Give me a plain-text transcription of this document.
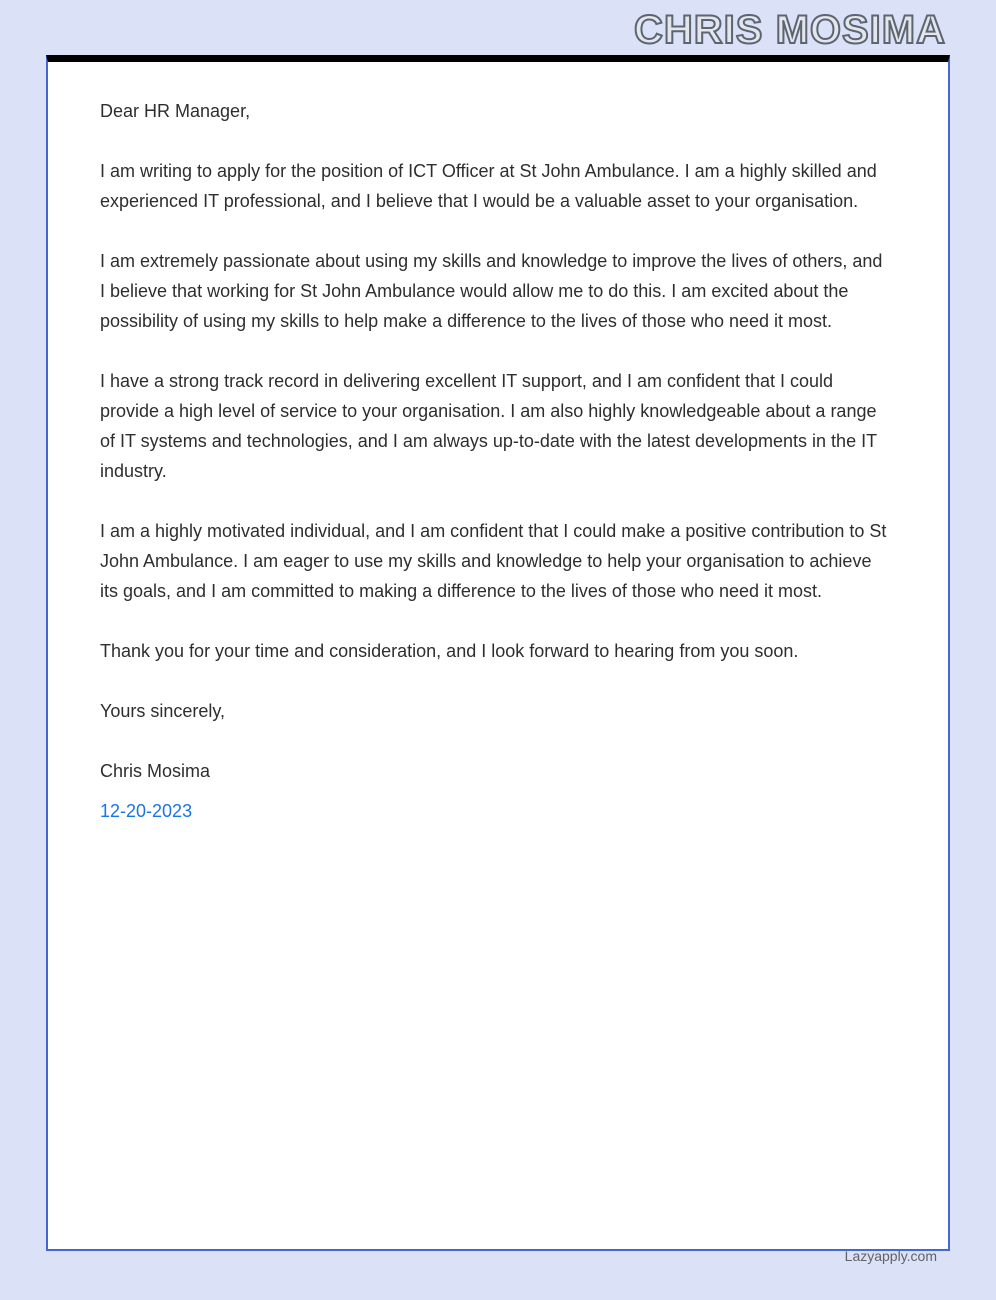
CHRIS MOSIMA

Dear HR Manager,

I am writing to apply for the position of ICT Officer at St John Ambulance. I am a highly skilled and experienced IT professional, and I believe that I would be a valuable asset to your organisation.

I am extremely passionate about using my skills and knowledge to improve the lives of others, and I believe that working for St John Ambulance would allow me to do this. I am excited about the possibility of using my skills to help make a difference to the lives of those who need it most.

I have a strong track record in delivering excellent IT support, and I am confident that I could provide a high level of service to your organisation. I am also highly knowledgeable about a range of IT systems and technologies, and I am always up-to-date with the latest developments in the IT industry.

I am a highly motivated individual, and I am confident that I could make a positive contribution to St John Ambulance. I am eager to use my skills and knowledge to help your organisation to achieve its goals, and I am committed to making a difference to the lives of those who need it most.

Thank you for your time and consideration, and I look forward to hearing from you soon.

Yours sincerely,

Chris Mosima

12-20-2023

Lazyapply.com
